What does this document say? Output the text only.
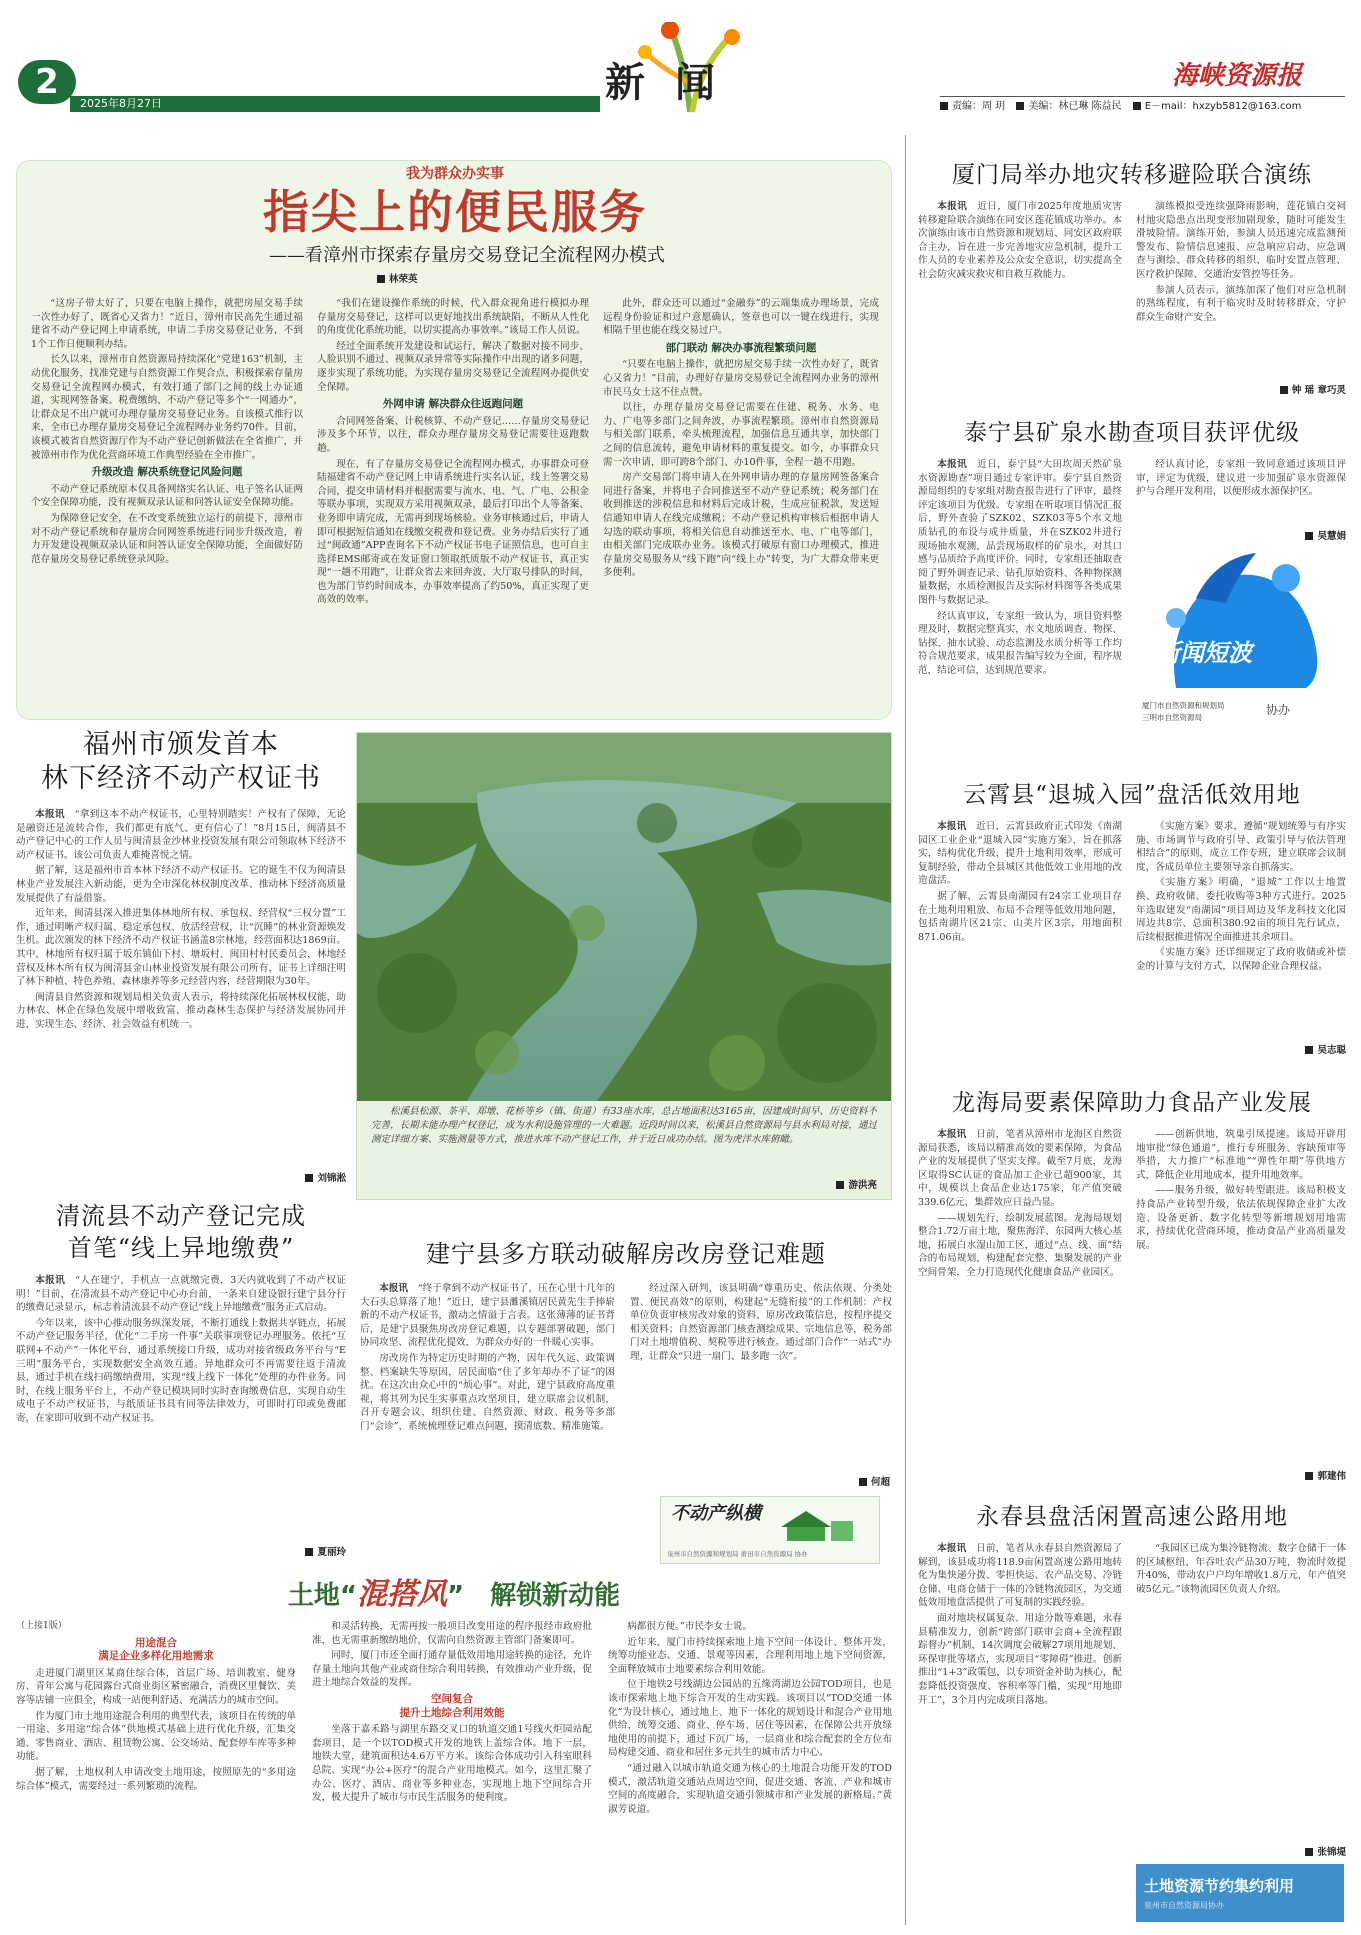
2
2025年8月27日	新闻	海峡资源报
责编：周 玥 美编：林已琳 陈益民 E－mail：hxzyb5812@163.com
我为群众办实事
指尖上的便民服务
——看漳州市探索存量房交易登记全流程网办模式
林荣英

“这房子带太好了，只要在电脑上操作，就把房屋交易手续一次性办好了，既省心又省力！”近日，漳州市民高先生通过福建省不动产登记网上申请系统，申请二手房交易登记业务，不到1个工作日便顺利办结。

长久以来，漳州市自然资源局持续深化“党建163”机制，主动优化服务，找准党建与自然资源工作契合点，积极探索存量房交易登记全流程网办模式，有效打通了部门之间的线上办证通道，实现网签备案、税费缴纳、不动产登记等多个“一网通办”，让群众足不出户就可办理存量房交易登记业务。自该模式推行以来，全市已办理存量房交易登记全流程网办业务约70件。目前，该模式被省自然资源厅作为不动产登记创新做法在全省推广，并被漳州市作为优化营商环境工作典型经验在全市推广。

升级改造 解决系统登记风险问题

不动产登记系统原本仅具备网络实名认证、电子签名认证两个安全保障功能，没有视频双录认证和问答认证安全保障功能。

为保障登记安全，在不改变系统独立运行的前提下，漳州市对不动产登记系统和存量房合同网签系统进行同步升级改造，着力开发建设视频双录认证和问答认证安全保障功能，全面做好防范存量房交易登记系统登录风险。

“我们在建设操作系统的时候，代入群众视角进行模拟办理存量房交易登记，这样可以更好地找出系统缺陷，不断从人性化的角度优化系统功能，以切实提高办事效率。”该局工作人员说。

经过全面系统开发建设和试运行，解决了数据对接不同步、人脸识别不通过、视频双录异常等实际操作中出现的诸多问题，逐步实现了系统功能，为实现存量房交易登记全流程网办提供安全保障。

外网申请 解决群众往返跑问题

合同网签备案、计税核算、不动产登记……存量房交易登记涉及多个环节，以往，群众办理存量房交易登记需要往返跑数趟。

现在，有了存量房交易登记全流程网办模式，办事群众可登陆福建省不动产登记网上申请系统进行实名认证，线上签署交易合同，提交申请材料并根据需要与流水、电、气、广电、公积金等联办事项，实现双方采用视频双录，最后打印出个人等备案、业务即申请完成，无需再到现场核验。业务审核通过后，申请人即可根据短信通知在线缴交税费和登记费。业务办结后实行了通过“闽政通”APP查询名下不动产权证书电子证照信息，也可自主选择EMS邮寄或在发证窗口领取纸质版不动产权证书，真正实现“一趟不用跑”，让群众省去来回奔波、大厅取号排队的时间，也为部门节约时间成本，办事效率提高了约50%，真正实现了更高效的效率。

此外，群众还可以通过“金融券”的云端集成办理场景，完成远程身份验证和过户意愿确认，签章也可以一键在线进行，实现相隔千里也能在线交易过户。

部门联动 解决办事流程繁琐问题

“只要在电脑上操作，就把房屋交易手续一次性办好了，既省心又省力！”目前，办理好存量房交易登记全流程网办业务的漳州市民马女士这不住点赞。

以往，办理存量房交易登记需要在住建、税务、水务、电力、广电等多部门之间奔波，办事流程繁琐。漳州市自然资源局与相关部门联系，牵头梳理流程，加强信息互通共享，加快部门之间的信息流转，避免申请材料的重复提交。如今，办事群众只需一次申请，即可跨8个部门、办10件事，全程一趟不用跑。

房产交易部门将申请人在外网申请办理的存量房网签备案合同进行备案，并将电子合同推送至不动产登记系统；税务部门在收到推送的涉税信息和材料后完成计税，生成应征税款，发送短信通知申请人在线完成缴税；不动产登记机构审核后根据申请人勾选的联动事项，将相关信息自动推送至水、电、广电等部门，由相关部门完成联办业务。该模式打破原有窗口办理模式，推进存量房交易服务从“线下跑”向“线上办”转变，为广大群众带来更多便利。

福州市颁发首本
林下经济不动产权证书

本报讯　 “拿到这本不动产权证书，心里特别踏实！产权有了保障，无论是融资还是流转合作，我们都更有底气、更有信心了！”8月15日，闽清县不动产登记中心的工作人员与闽清县金沙林业投资发展有限公司领取林下经济不动产权证书。该公司负责人难掩喜悦之情。

据了解，这是福州市首本林下经济不动产权证书。它的诞生不仅为闽清县林业产业发展注入新动能，更为全市深化林权制度改革、推动林下经济高质量发展提供了有益借鉴。

近年来，闽清县深入推进集体林地所有权、承包权、经营权“三权分置”工作，通过明晰产权归属、稳定承包权、放活经营权，让“沉睡”的林业资源焕发生机。此次颁发的林下经济不动产权证书涵盖8宗林地，经营面积达1869亩。其中，林地所有权归属于坂东镇仙下村、塘坂村、闽田村村民委员会，林地经营权及林木所有权为闽清县金山林业投资发展有限公司所有，证书上详细注明了林下种植、特色养殖、森林康养等多元经营内容，经营期限为30年。

闽清县自然资源和规划局相关负责人表示，将持续深化拓展林权权能，助力林农、林企在绿色发展中增收致富，推动森林生态保护与经济发展协同并进，实现生态、经济、社会效益有机统一。

刘锦淞

松溪县松源、茶平、郑墩、花桥等乡（镇、街道）有33座水库，总占地面积达3165亩，因建成时间早、历史资料不完善，长期未能办理产权登记，成为水利设施管理的一大难题。近段时间以来，松溪县自然资源局与县水利局对接，通过测定详细方案、实施测量等方式，推进水库不动产登记工作，并于近日成功办结。图为虎洋水库俯瞰。

游洪亮
清流县不动产登记完成
首笔“线上异地缴费”

本报讯　 “人在建宁，手机点一点就缴完费，3天内就收到了不动产权证明！”目前，在清流县不动产登记中心办台前，一条来自建设银行建宁县分行的缴费记录显示，标志着清流县不动产登记“线上异地缴费”服务正式启动。

今年以来，该中心推动服务纵深发展，不断打通线上数据共享链点，拓展不动产登记服务半径，优化“二手房一件事”关联事项登记办理服务。依托“互联网+不动产”一体化平台，通过系统接口升级，成功对接省级政务平台与“E三明”服务平台，实现数据安全高效互通。异地群众可不再需要往返于清流县，通过手机在线扫码缴纳费用，实现“线上线下一体化”处理的办件业务。同时，在线上服务平台上，不动产登记模块同时实时查询缴费信息，实现自动生成电子不动产权证书，与纸质证书具有同等法律效力，可即时打印或免费邮寄，在家即可收到不动产权证书。

夏丽玲
建宁县多方联动破解房改房登记难题

本报讯　 “终于拿到不动产权证书了，压在心里十几年的大石头总算落了地！”近日，建宁县濉溪镇居民黄先生手捧崭新的不动产权证书，激动之情溢于言表。这张薄薄的证书背后，是建宁县聚焦房改房登记难题，以专题部署破题，部门协同攻坚、流程优化提效，为群众办好的一件暖心实事。

房改房作为特定历史时期的产物，因年代久远、政策调整、档案缺失等原因，居民面临“住了多年却办不了证”的困扰。在这次由众心中的“烦心事”。对此，建宁县政府高度重视，将其列为民生实事重点攻坚项目，建立联席会议机制，召开专题会议，组织住建、自然资源、财政、税务等多部门“会诊”，系统梳理登记难点问题，摸清底数、精准施策。

经过深入研判，该县明确“尊重历史、依法依规、分类处置、便民高效”的原则，构建起“无缝衔接”的工作机制：产权单位负责审核房改对象的资料、原房改政策信息，按程序提交相关资料；自然资源部门核查测绘成果、宗地信息等，税务部门对土地增值税、契税等进行核查。通过部门合作“一站式”办理，让群众“只进一扇门、最多跑一次”。

何超
不动产纵横
泉州市自然资源和规划局 莆田市自然资源局 协办
土地“混搭风”　解锁新动能
（上接1版）
用途混合
满足企业多样化用地需求

走进厦门湖里区某商住综合体，首层广场、培训教室、健身房、青年公寓与花园露台式商业街区紧密融合，消费区里餐饮、美容等店铺一应俱全，构成一站便利舒适、充满活力的城市空间。

作为厦门市土地用途混合利用的典型代表，该项目在传统的单一用途、多用途“综合体”供地模式基础上进行优化升级，汇集交通、零售商业、酒店、租赁物公寓、公交场站、配套停车库等多种功能。

据了解，土地权利人申请改变土地用途，按照原先的“多用途综合体”模式，需要经过一系列繁琐的流程。

和灵活转换，无需再按一般项目改变用途的程序报经市政府批准，也无需重新缴纳地价，仅需向自然资源主管部门备案即可。

同时，厦门市还全面打通存量低效用地用途转换的途径，允许存量土地向其他产业或商住综合利用转换，有效推动产业升级，促进土地综合效益的发挥。

空间复合
提升土地综合利用效能

坐落于嘉禾路与湖里东路交叉口的轨道交通1号线火炬园站配套项目，是一个以TOD模式开发的地铁上盖综合体。地下一层，地铁大堂，建筑面积达4.6万平方米。该综合体成功引入科室眼科总院、实现“办公+医疗”的混合产业用地模式。如今，这里汇聚了办公、医疗、酒店、商业等多种业态，实现地上地下空间综合开发，极大提升了城市与市民生活服务的便利度。

病都很方便。”市民李女士说。

近年来，厦门市持续探索地上地下空间一体设计、整体开发，统筹功能业态、交通、景观等因素，合理利用地上地下空间资源，全面释放城市土地要素综合利用效能。

位于地铁2号线湖边公园站的五缘湾湖边公园TOD项目，也是该市探索地上地下综合开发的生动实践。该项目以“TOD交通一体化”为设计核心，通过地上、地下一体化的规划设计和混合产业用地供给，统筹交通、商业、停车场、居住等因素，在保障公共开放绿地使用的前提下，通过下沉广场，一层商业和综合配套的全方位布局构建交通、商业和居住多元共生的城市活力中心。

“通过融入以城市轨道交通为核心的土地混合功能开发的TOD模式，激活轨道交通站点周边空间，促进交通、客流、产业和城市空间的高度融合，实现轨道交通引领城市和产业发展的新格局。”黄淑芳说道。

厦门局举办地灾转移避险联合演练

本报讯　 近日，厦门市2025年度地质灾害转移避险联合演练在同安区莲花镇成功举办。本次演练由该市自然资源和规划局、同安区政府联合主办，旨在进一步完善地灾应急机制，提升工作人员的专业素养及公众安全意识，切实提高全社会防灾减灾救灾和自救互救能力。

演练模拟受连续强降雨影响，莲花镇白交祠村地灾隐患点出现变形加剧现象，随时可能发生滑坡险情。演练开始，参演人员迅速完成监测预警发布、险情信息速报、应急响应启动、应急调查与测绘、群众转移的组织、临时安置点管理、医疗救护保障、交通治安管控等任务。

参演人员表示，演练加深了他们对应急机制的熟练程度，有利于临灾时及时转移群众，守护群众生命财产安全。

钟 瑶 章巧灵
泰宁县矿泉水勘查项目获评优级

本报讯　 近日，泰宁县“大田坎周天然矿泉水资源勘查”项目通过专家评审。泰宁县自然资源局组织的专家组对勘查报告进行了评审，最终评定该项目为优级。专家组在听取项目情况汇报后，野外查验了SZK02、SZK03等5个水文地质钻孔的布设与成井质量，并在SZK02井进行现场抽水观测，品尝现场取样的矿泉水，对其口感与品质给予高度评价。同时，专家组还抽取查阅了野外调查记录、钻孔原始资料、各种物探测量数据，水质检测报告及实际材料图等各类成果图件与数据记录。

经认真审议，专家组一致认为，项目资料整理及时，数据完整真实，水文地质调查、物探、钻探、抽水试验、动态监测及水质分析等工作均符合规范要求，成果报告编写较为全面，程序规范，结论可信，达到规范要求。

经认真讨论，专家组一致同意通过该项目评审，评定为优级，建议进一步加强矿泉水资源保护与合理开发利用，以便形成水源保护区。

吴慧娟
新闻短波
厦门市自然资源和规划局
三明市自然资源局
协办
云霄县“退城入园”盘活低效用地

本报讯　 近日，云霄县政府正式印发《南湖园区工业企业“退城入园”实施方案》，旨在抓落实，结构优化升级，提升土地利用效率，形成可复制经验，带动全县城区其他低效工业用地的改造盘活。

据了解，云霄县南湖园有24宗工业项目存在土地利用粗放、布局不合理等低效用地问题，包括南湖片区21宗、山美片区3宗，用地面积871.06亩。

《实施方案》要求，遵循“规划统筹与有序实施、市场调节与政府引导、政策引导与依法管理相结合”的原则，成立工作专班，建立联席会议制度，各成员单位主要领导亲自抓落实。

《实施方案》明确，“退城”工作以土地置换、政府收储、委托收购等3种方式进行。2025年选取建发“南湖园”项目周边及华龙科技文化园周边共8宗、总面积380.92亩的项目先行试点，后续根据推进情况全面推进其余项目。

《实施方案》还详细规定了政府收储或补偿金的计算与支付方式，以保障企业合理权益。

吴志聪
龙海局要素保障助力食品产业发展

本报讯　 日前，笔者从漳州市龙海区自然资源局获悉，该局以精准高效的要素保障，为食品产业的发展提供了坚实支撑。截至7月底，龙海区取得SC认证的食品加工企业已超900家，其中，规模以上食品企业达175家，年产值突破339.6亿元，集群效应日益凸显。

——规划先行，绘制发展蓝图。龙海局规划整合1.72万亩土地，聚焦海洋、东园两大核心基地，拓展白水湿山加工区，通过“点、线、面”结合的布局规划，构建配套完整、集聚发展的产业空间骨架，全力打造现代化健康食品产业园区。

——创新供地，筑巢引凤提速。该局开辟用地审批“绿色通道”，推行专班服务、容缺预审等举措，大力推广“标准地”“弹性年期”等供地方式，降低企业用地成本，提升用地效率。

——服务升级，做好转型跟进。该局积极支持食品产业转型升级，依法依规保障企业扩大改造、设备更新、数字化转型等新增规划用地需求，持续优化营商环境，推动食品产业高质量发展。

郭建伟
永春县盘活闲置高速公路用地

本报讯　 日前，笔者从永春县自然资源局了解到，该县成功将118.9亩闲置高速公路用地转化为集快递分拨、零担快运、农产品交易、冷链仓储、电商仓储于一体的冷链物流园区，为交通低效用地盘活提供了可复制的实践经验。

面对地块权属复杂、用途分散等难题，永春县精准发力，创新“跨部门联审会商+全流程跟踪督办”机制，14次调度会破解27项用地规划、环保审批等堵点，实现项目“零障碍”推进。创新推出“1+3”政策包，以专项资金补助为核心，配套降低投资强度、容积率等门槛，实现“用地即开工”，3个月内完成项目落地。

“我园区已成为集冷链物流、数字仓储于一体的区域枢纽，年吞吐农产品30万吨，物流时效提升40%，带动农户户均年增收1.8万元，年产值突破5亿元。”该物流园区负责人介绍。

张锦堤
土地资源节约集约利用
泉州市自然资源局协办
